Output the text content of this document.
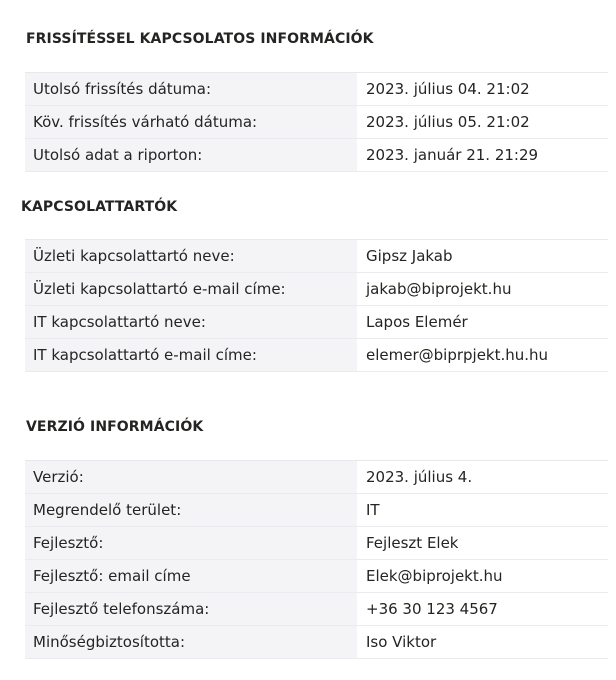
FRISSÍTÉSSEL KAPCSOLATOS INFORMÁCIÓK
Utolsó frissítés dátuma:	2023. július 04. 21:02
Köv. frissítés várható dátuma:	2023. július 05. 21:02
Utolsó adat a riporton:	2023. január 21. 21:29
KAPCSOLATTARTÓK
Üzleti kapcsolattartó neve:	Gipsz Jakab
Üzleti kapcsolattartó e-mail címe:	jakab@biprojekt.hu
IT kapcsolattartó neve:	Lapos Elemér
IT kapcsolattartó e-mail címe:	elemer@biprpjekt.hu.hu
VERZIÓ INFORMÁCIÓK
Verzió:	2023. július 4.
Megrendelő terület:	IT
Fejlesztő:	Fejleszt Elek
Fejlesztő: email címe	Elek@biprojekt.hu
Fejlesztő telefonszáma:	+36 30 123 4567
Minőségbiztosította:	Iso Viktor
